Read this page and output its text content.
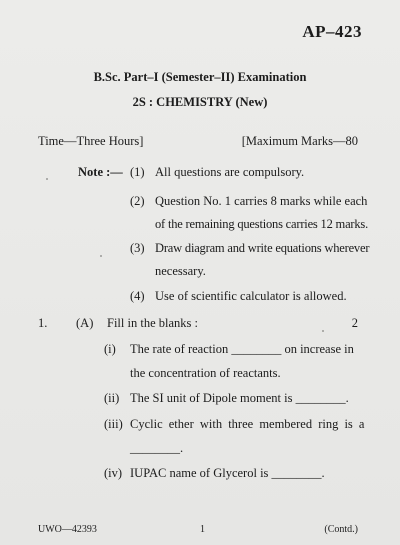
AP–423
B.Sc. Part–I (Semester–II) Examination
2S : CHEMISTRY (New)
Time—Three Hours]	[Maximum Marks—80
Note :— (1) All questions are compulsory.
(2) Question No. 1 carries 8 marks while each
of the remaining questions carries 12 marks.
(3) Draw diagram and write equations wherever
necessary.
(4) Use of scientific calculator is allowed.
1. (A) Fill in the blanks :	2
(i) The rate of reaction ________ on increase in
the concentration of reactants.
(ii) The SI unit of Dipole moment is ________.
(iii) Cyclic ether with three membered ring is a
________.
(iv) IUPAC name of Glycerol is ________.
UWO—42393	1	(Contd.)
